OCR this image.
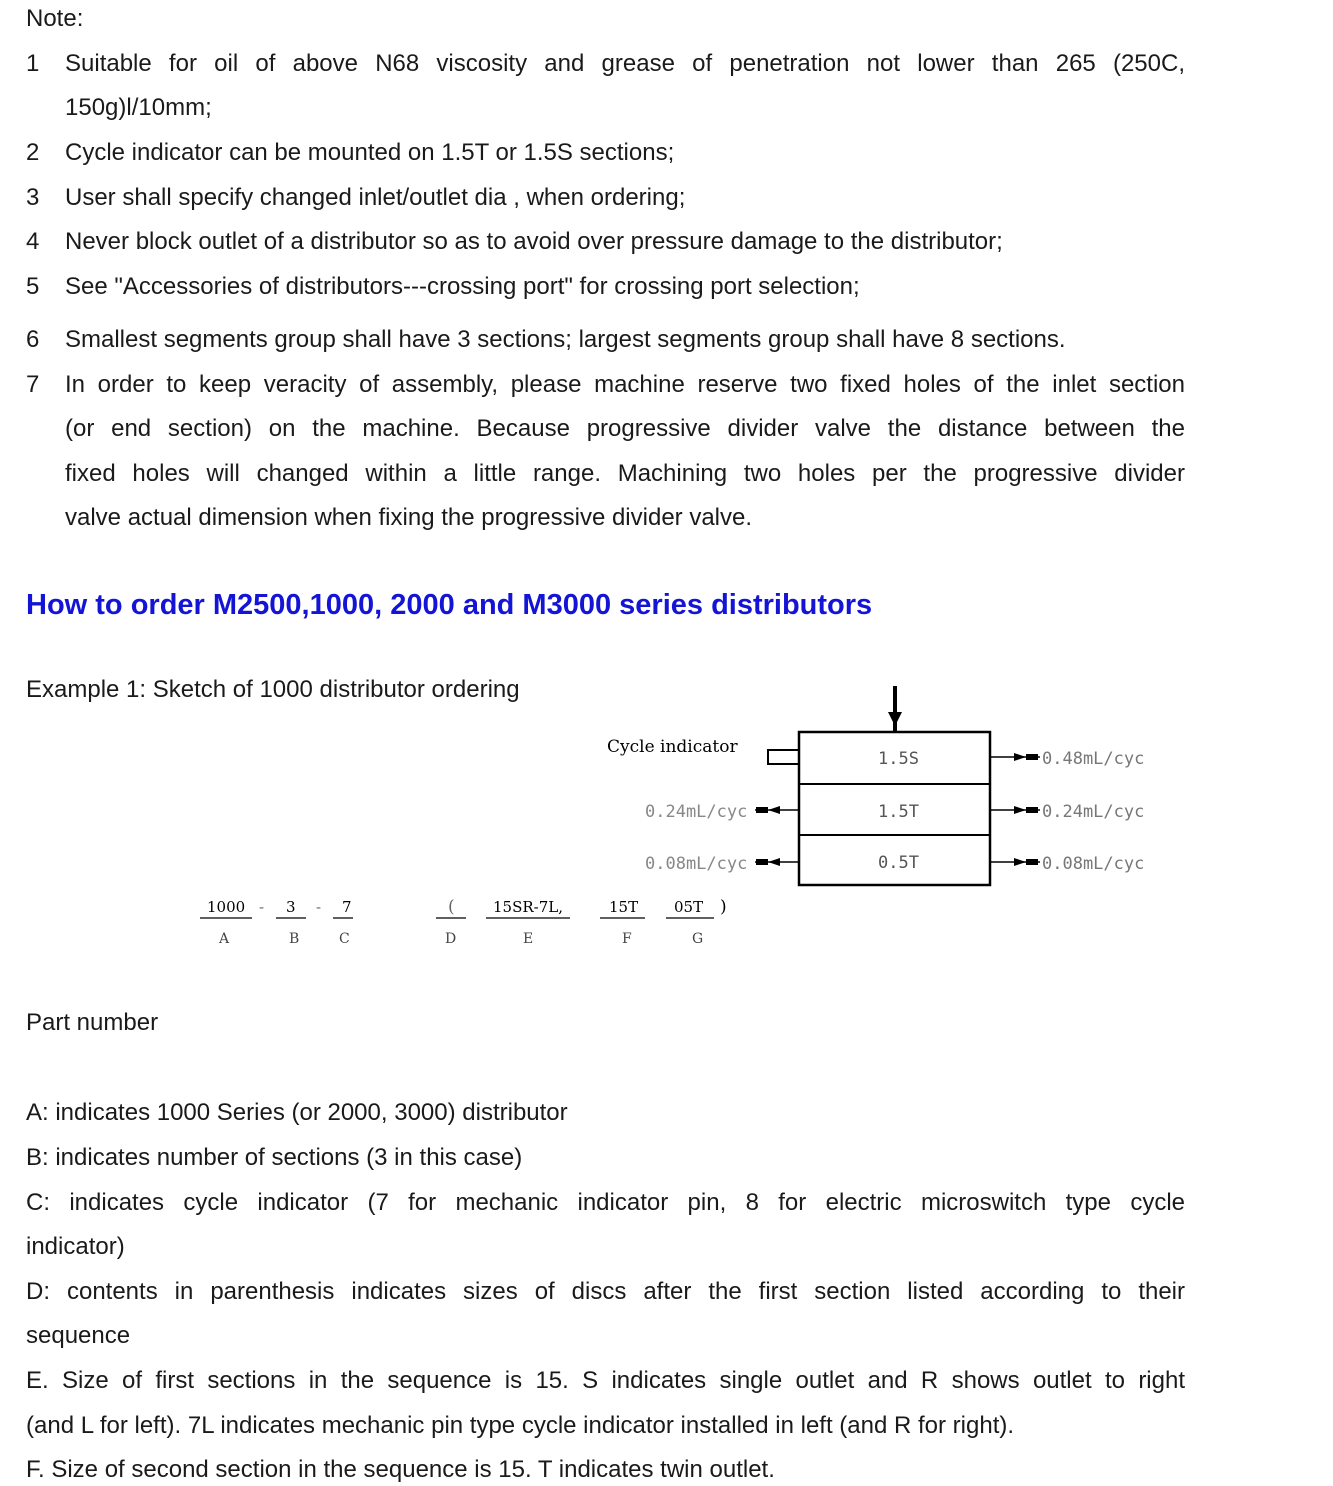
Note:
1	Suitable for oil of above N68 viscosity and grease of penetration not lower than 265 (250C,
150g)l/10mm;
2	Cycle indicator can be mounted on 1.5T or 1.5S sections;
3	User shall specify changed inlet/outlet dia , when ordering;
4	Never block outlet of a distributor so as to avoid over pressure damage to the distributor;
5	See "Accessories of distributors---crossing port" for crossing port selection;
6	Smallest segments group shall have 3 sections; largest segments group shall have 8 sections.
7	In order to keep veracity of assembly, please machine reserve two fixed holes of the inlet section
(or end section) on the machine. Because progressive divider valve the distance between the
fixed holes will changed within a little range. Machining two holes per the progressive divider
valve actual dimension when fixing the progressive divider valve.
How to order M2500,1000, 2000 and M3000 series distributors
Example 1: Sketch of 1000 distributor ordering
Cycle indicator
1.5S
1.5T
0.5T
0.48mL/cyc
0.24mL/cyc
0.08mL/cyc
0.24mL/cyc
0.08mL/cyc
1000 - 3 - 7	(	15SR-7L,	15T 05T )
A	B	C	D	E	F	G
Part number
A: indicates 1000 Series (or 2000, 3000) distributor
B: indicates number of sections (3 in this case)
C: indicates cycle indicator (7 for mechanic indicator pin, 8 for electric microswitch type cycle
indicator)
D: contents in parenthesis indicates sizes of discs after the first section listed according to their
sequence
E. Size of first sections in the sequence is 15. S indicates single outlet and R shows outlet to right
(and L for left). 7L indicates mechanic pin type cycle indicator installed in left (and R for right).
F. Size of second section in the sequence is 15. T indicates twin outlet.
